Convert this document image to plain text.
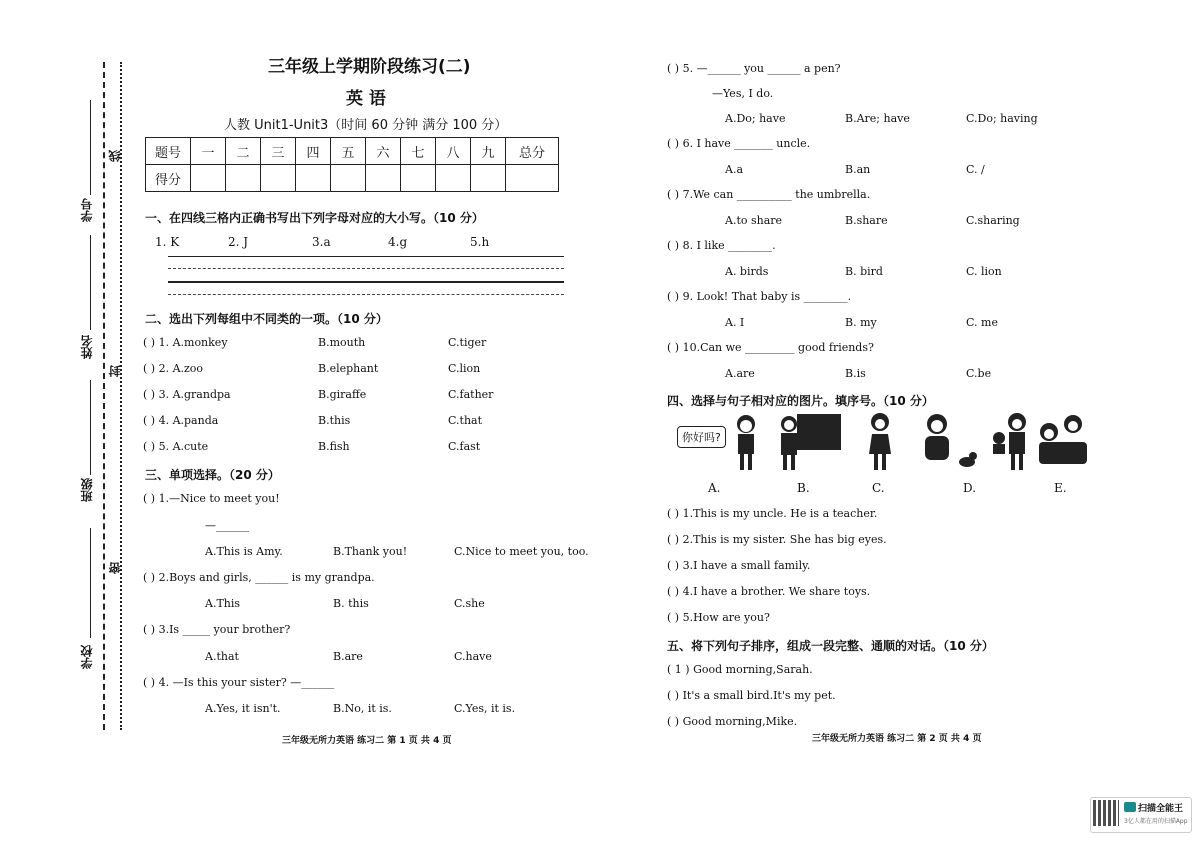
线
封
密
学号
姓名
班级
学校
三年级上学期阶段练习(二)
英 语
人教 Unit1-Unit3（时间 60 分钟 满分 100 分）
题号	一	二	三	四	五	六	七	八	九	总分
得分										
一、在四线三格内正确书写出下列字母对应的大小写。（10 分）
1. K	2. J	3.a	4.g	5.h
二、选出下列每组中不同类的一项。（10 分）
( ) 1. A.monkey	B.mouth	C.tiger
( ) 2. A.zoo	B.elephant	C.lion
( ) 3. A.grandpa	B.giraffe	C.father
( ) 4. A.panda	B.this	C.that
( ) 5. A.cute	B.fish	C.fast
三、单项选择。（20 分）
( ) 1.—Nice to meet you!
—______
A.This is Amy.	B.Thank you!	C.Nice to meet you, too.
( ) 2.Boys and girls, ______ is my grandpa.
A.This	B. this	C.she
( ) 3.Is _____ your brother?
A.that	B.are	C.have
( ) 4. —Is this your sister? —______
A.Yes, it isn't.	B.No, it is.	C.Yes, it is.
三年级无所力英语 练习二 第 1 页 共 4 页
( ) 5. —______ you ______ a pen?
—Yes, I do.
A.Do; have	B.Are; have	C.Do; having
( ) 6. I have _______ uncle.
A.a	B.an	C. /
( ) 7.We can __________ the umbrella.
A.to share	B.share	C.sharing
( ) 8. I like ________.
A. birds	B. bird	C. lion
( ) 9. Look! That baby is ________.
A. I	B. my	C. me
( ) 10.Can we _________ good friends?
A.are	B.is	C.be
四、选择与句子相对应的图片。填序号。（10 分）
你好吗?
A.	B.	C.	D.	E.
( ) 1.This is my uncle. He is a teacher.
( ) 2.This is my sister. She has big eyes.
( ) 3.I have a small family.
( ) 4.I have a brother. We share toys.
( ) 5.How are you?
五、将下列句子排序，组成一段完整、通顺的对话。（10 分）
( 1 ) Good morning,Sarah.
( ) It's a small bird.It's my pet.
( ) Good morning,Mike.
三年级无所力英语 练习二 第 2 页 共 4 页
扫描全能王
3亿人都在用的扫描App
